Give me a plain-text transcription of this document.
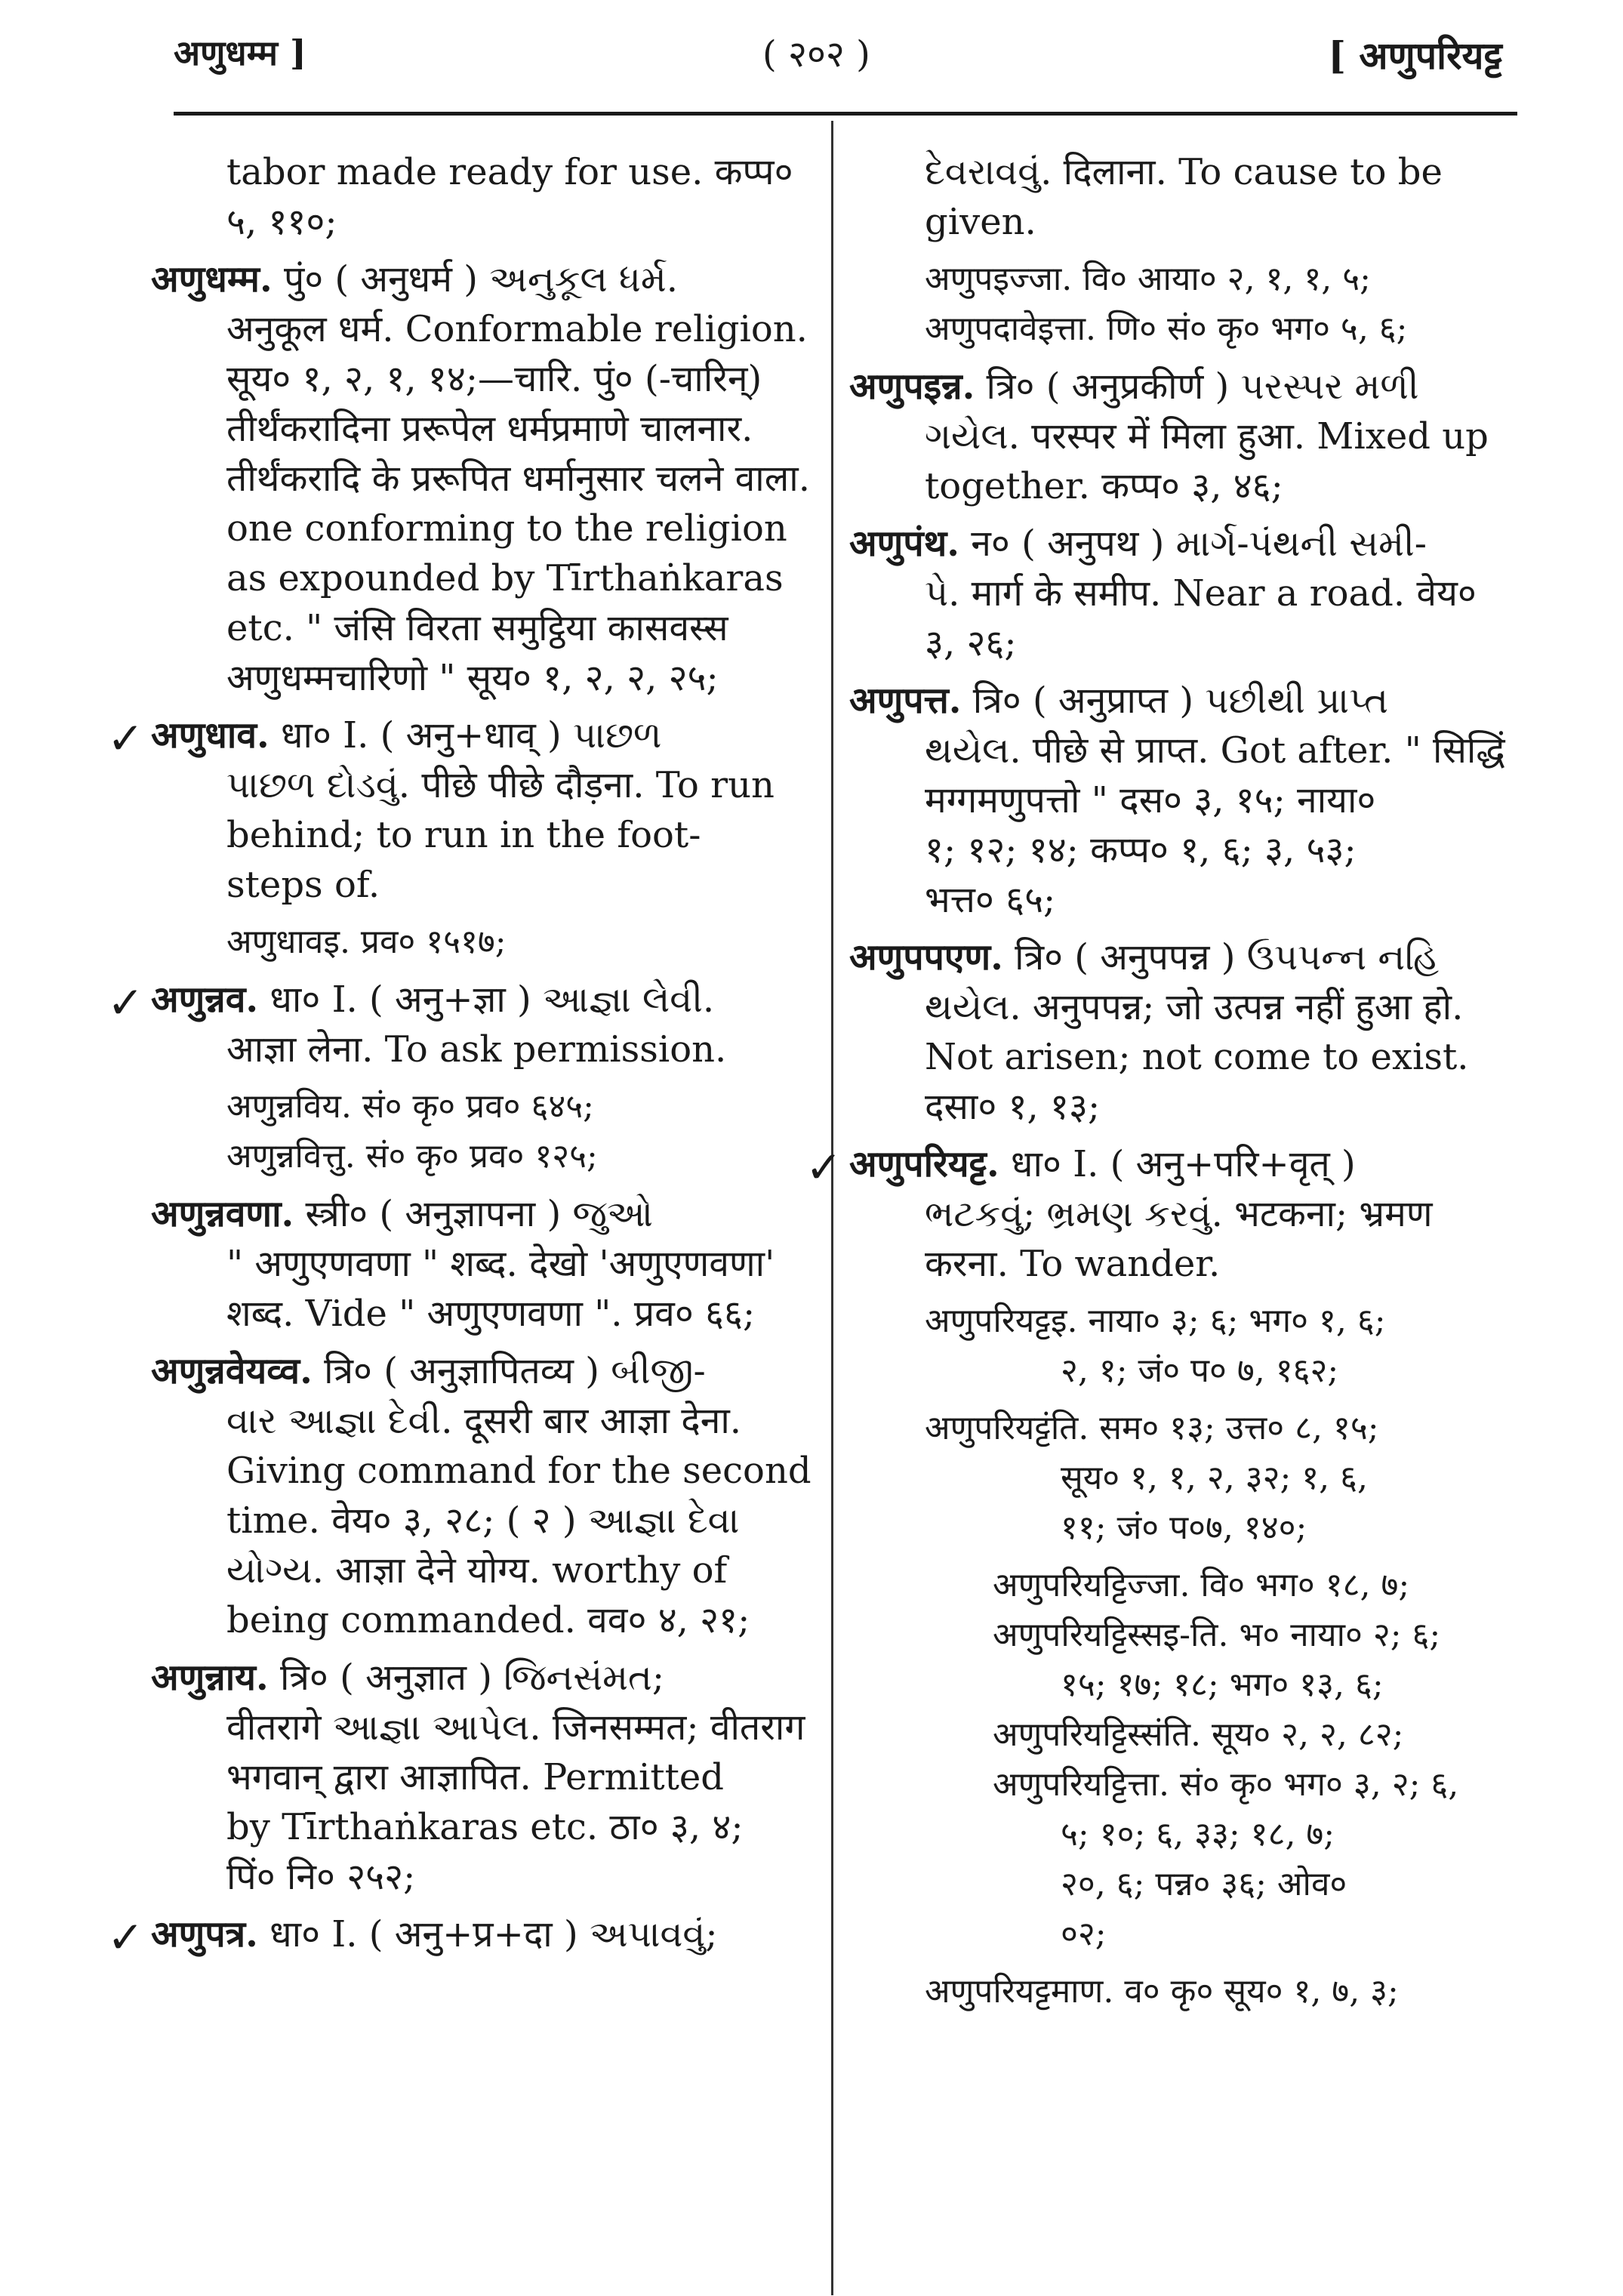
अणुधम्म ]	( २०२ )	[ अणुपरियट्ट

tabor made ready for use. कप्प०

५, ११०;

अणुधम्म. पुं० ( अनुधर्म ) અનુકૂલ ધર્મ.

अनुकूल धर्म. Conformable religion.

सूय० १, २, १, १४;—चारि. पुं० (-चारिन्)

तीर्थंकरादिना प्ररूपेल धर्मप्रमाणे चालनार.

तीर्थंकरादि के प्ररूपित धर्मानुसार चलने वाला.

one conforming to the religion

as expounded by Tīrthaṅkaras

etc. " जंसि विरता समुट्ठिया कासवस्स

अणुधम्मचारिणो " सूय० १, २, २, २५;

✓ अणुधाव. धा० I. ( अनु+धाव् ) પાછળ

પાછળ દોડવું. पीछे पीछे दौड़ना. To run

behind; to run in the foot-

steps of.

अणुधावइ. प्रव० १५१७;

✓ अणुन्नव. धा० I. ( अनु+ज्ञा ) આજ્ઞા લેવી.

आज्ञा लेना. To ask permission.

अणुन्नविय. सं० कृ० प्रव० ६४५;

अणुन्नवित्तु. सं० कृ० प्रव० १२५;

अणुन्नवणा. स्त्री० ( अनुज्ञापना ) જુઓ

" अणुएणवणा " शब्द. देखो 'अणुएणवणा'

शब्द. Vide " अणुएणवणा ". प्रव० ६६;

अणुन्नवेयव्व. त्रि० ( अनुज्ञापितव्य ) બીજી-

વાર આજ્ઞા દેવી. दूसरी बार आज्ञा देना.

Giving command for the second

time. वेय० ३, २८; ( २ ) આજ્ઞા દેવા

યોગ્ય. आज्ञा देने योग्य. worthy of

being commanded. वव० ४, २१;

अणुन्नाय. त्रि० ( अनुज्ञात ) જિનસંમત;

वीतरागे આજ્ઞા આપેલ. जिनसम्मत; वीतराग

भगवान् द्वारा आज्ञापित. Permitted

by Tīrthaṅkaras etc. ठा० ३, ४;

पिं० नि० २५२;

✓ अणुपत्र. धा० I. ( अनु+प्र+दा ) અપાવવું;

દેવરાવવું. दिलाना. To cause to be

given.

अणुपइज्जा. वि० आया० २, १, १, ५;

अणुपदावेइत्ता. णि० सं० कृ० भग० ५, ६;

अणुपइन्न. त्रि० ( अनुप्रकीर्ण ) પરસ્પર મળી

ગયેલ. परस्पर में मिला हुआ. Mixed up

together. कप्प० ३, ४६;

अणुपंथ. न० ( अनुपथ ) માર્ગ-પંથની સમી-

પે. मार्ग के समीप. Near a road. वेय०

३, २६;

अणुपत्त. त्रि० ( अनुप्राप्त ) પછીથી પ્રાપ્ત

થયેલ. पीछे से प्राप्त. Got after. " सिद्धिं

मग्गमणुपत्तो " दस० ३, १५; नाया०

१; १२; १४; कप्प० १, ६; ३, ५३;

भत्त० ६५;

अणुपपएण. त्रि० ( अनुपपन्न ) ઉપપન્ન નહિ

થયેલ. अनुपपन्न; जो उत्पन्न नहीं हुआ हो.

Not arisen; not come to exist.

दसा० १, १३;

✓ अणुपरियट्ट. धा० I. ( अनु+परि+वृत् )

ભટકવું; ભ્રમણ કરવું. भटकना; भ्रमण

करना. To wander.

अणुपरियट्टइ. नाया० ३; ६; भग० १, ६;

२, १; जं० प० ७, १६२;

अणुपरियट्टंति. सम० १३; उत्त० ८, १५;

सूय० १, १, २, ३२; १, ६,

११; जं० प०७, १४०;

अणुपरियट्टिज्जा. वि० भग० १८, ७;

अणुपरियट्टिस्सइ-ति. भ० नाया० २; ६;

१५; १७; १८; भग० १३, ६;

अणुपरियट्टिस्संति. सूय० २, २, ८२;

अणुपरियट्टित्ता. सं० कृ० भग० ३, २; ६,

५; १०; ६, ३३; १८, ७;

२०, ६; पन्न० ३६; ओव०

०२;

अणुपरियट्टमाण. व० कृ० सूय० १, ७, ३;
